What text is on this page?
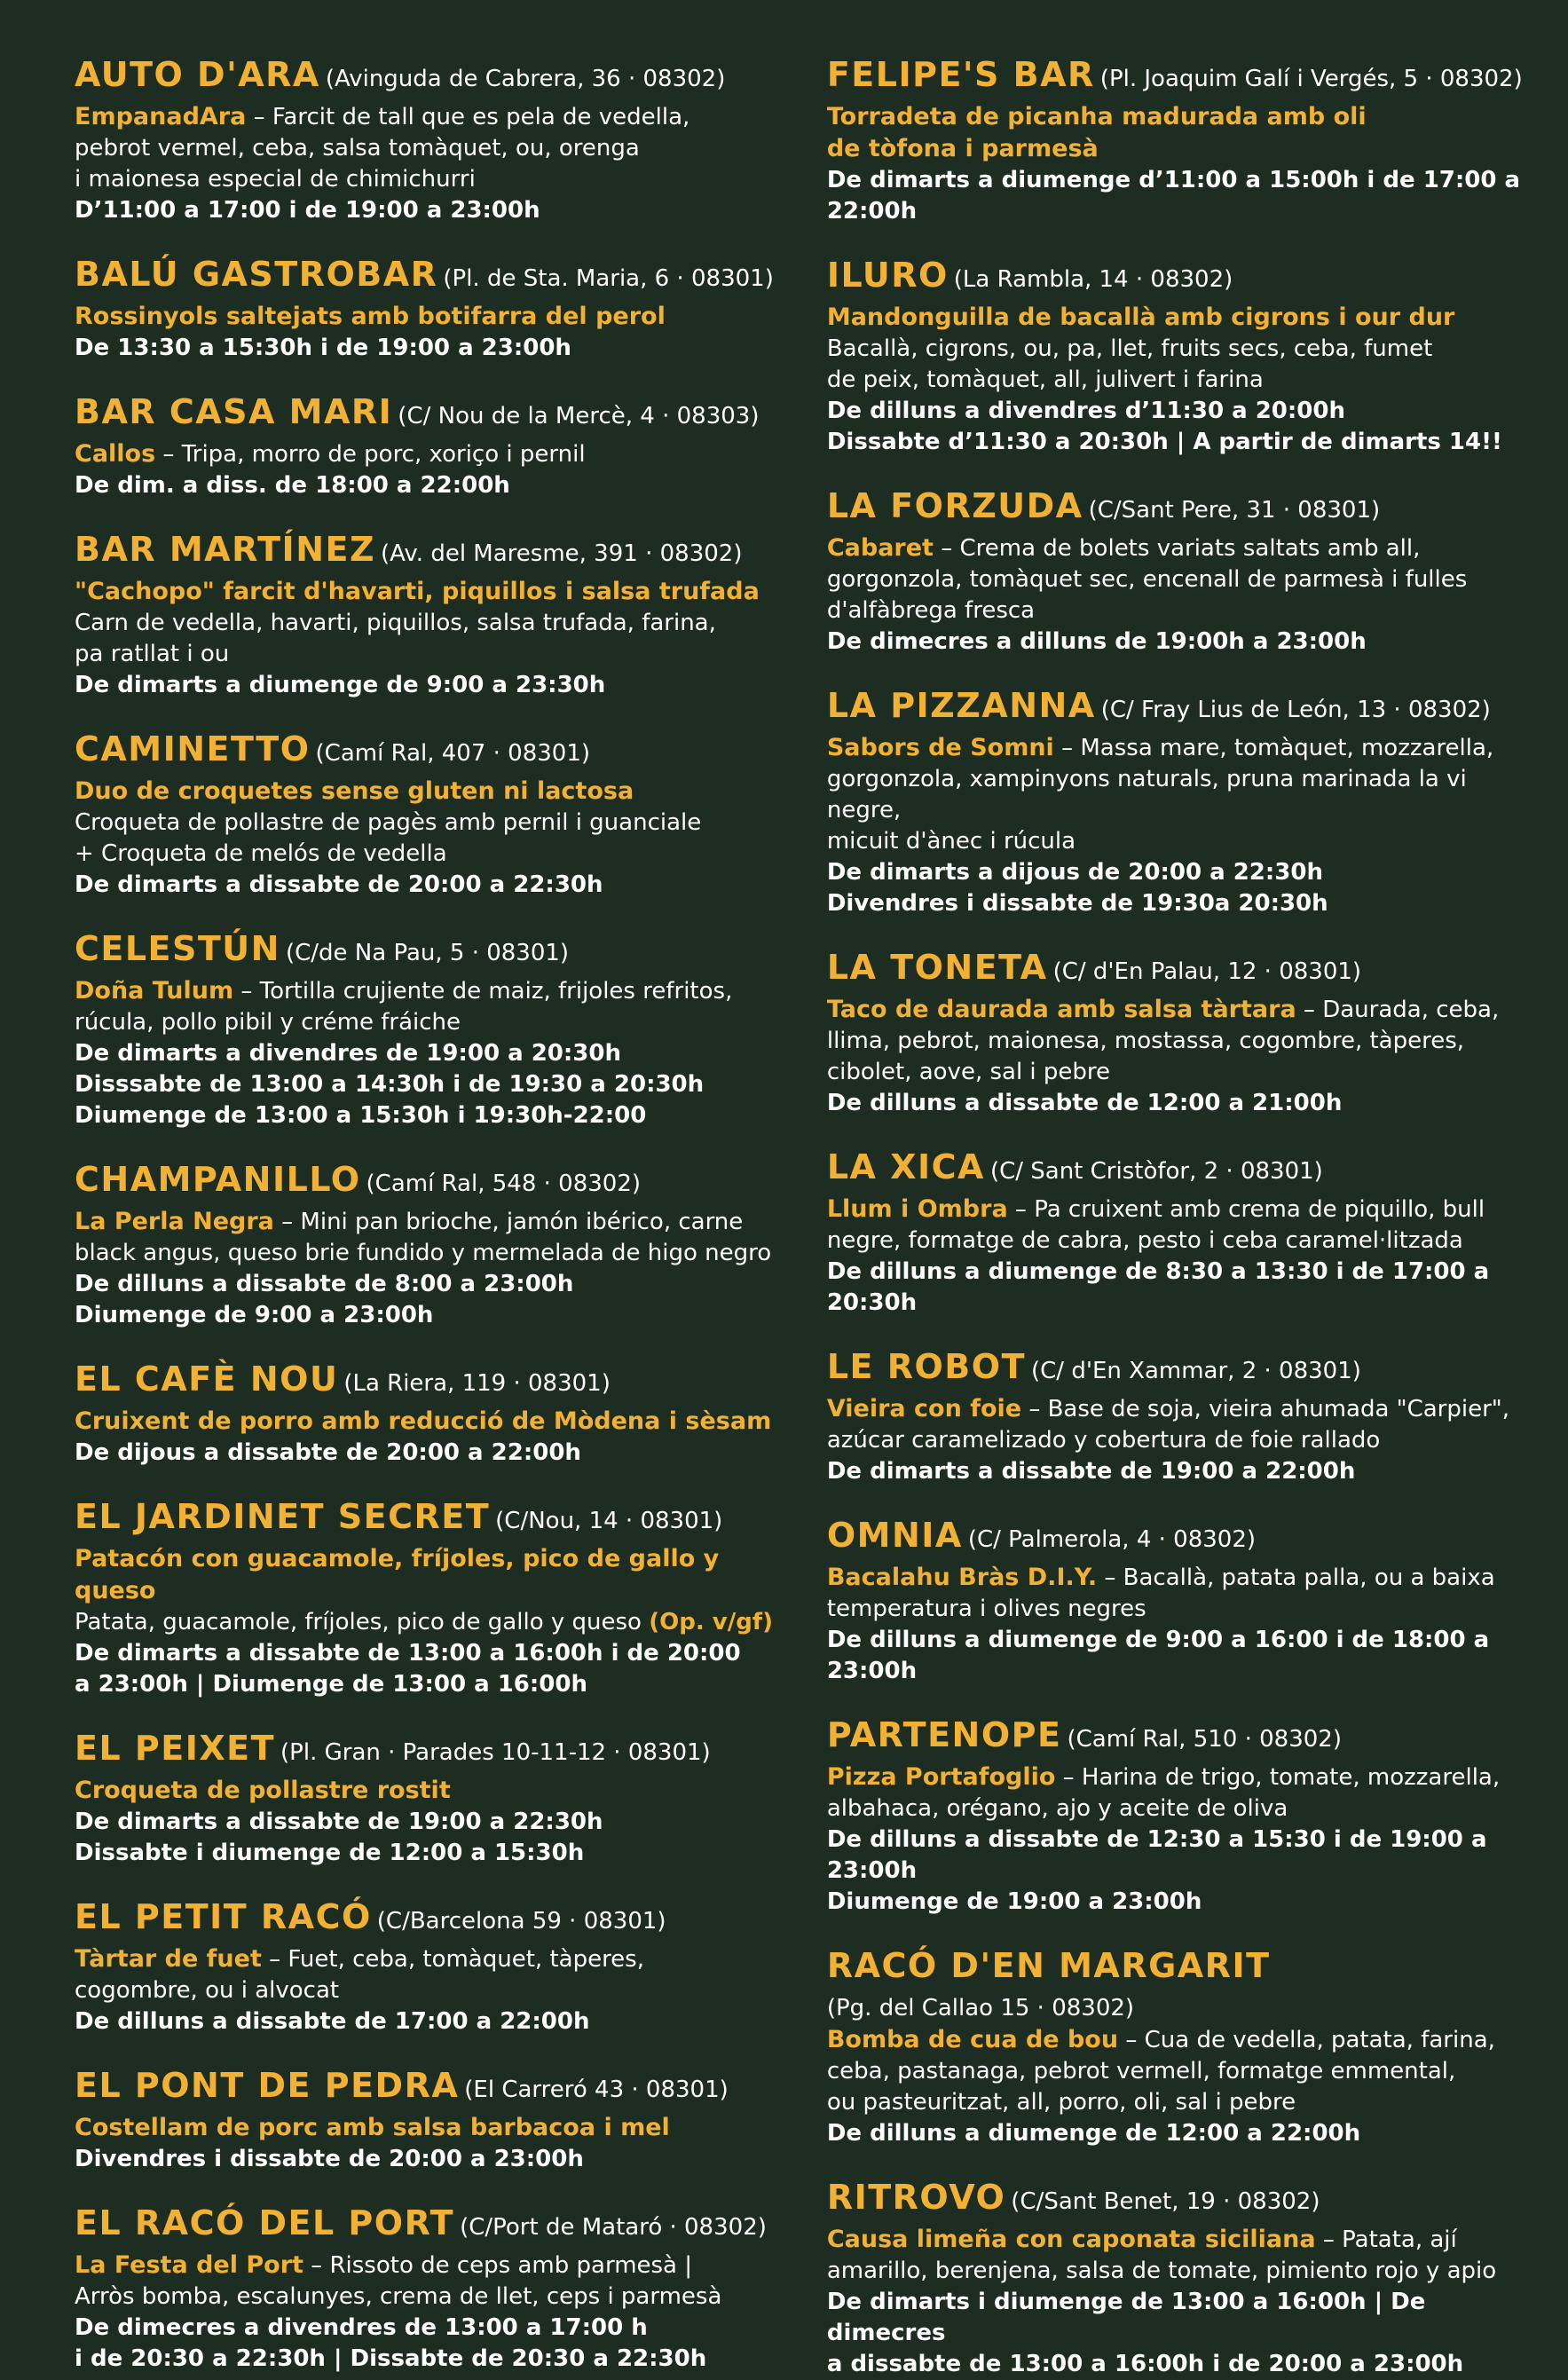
AUTO D'ARA (Avinguda de Cabrera, 36 · 08302)
EmpanadAra – Farcit de tall que es pela de vedella,
pebrot vermel, ceba, salsa tomàquet, ou, orenga
i maionesa especial de chimichurri
D’11:00 a 17:00 i de 19:00 a 23:00h
BALÚ GASTROBAR (Pl. de Sta. Maria, 6 · 08301)
Rossinyols saltejats amb botifarra del perol
De 13:30 a 15:30h i de 19:00 a 23:00h
BAR CASA MARI (C/ Nou de la Mercè, 4 · 08303)
Callos – Tripa, morro de porc, xoriço i pernil
De dim. a diss. de 18:00 a 22:00h
BAR MARTÍNEZ (Av. del Maresme, 391 · 08302)
"Cachopo" farcit d'havarti, piquillos i salsa trufada
Carn de vedella, havarti, piquillos, salsa trufada, farina,
pa ratllat i ou
De dimarts a diumenge de 9:00 a 23:30h
CAMINETTO (Camí Ral, 407 · 08301)
Duo de croquetes sense gluten ni lactosa
Croqueta de pollastre de pagès amb pernil i guanciale
+ Croqueta de melós de vedella
De dimarts a dissabte de 20:00 a 22:30h
CELESTÚN (C/de Na Pau, 5 · 08301)
Doña Tulum – Tortilla crujiente de maiz, frijoles refritos,
rúcula, pollo pibil y créme fráiche
De dimarts a divendres de 19:00 a 20:30h
Disssabte de 13:00 a 14:30h i de 19:30 a 20:30h
Diumenge de 13:00 a 15:30h i 19:30h-22:00
CHAMPANILLO (Camí Ral, 548 · 08302)
La Perla Negra – Mini pan brioche, jamón ibérico, carne
black angus, queso brie fundido y mermelada de higo negro
De dilluns a dissabte de 8:00 a 23:00h
Diumenge de 9:00 a 23:00h
EL CAFÈ NOU (La Riera, 119 · 08301)
Cruixent de porro amb reducció de Mòdena i sèsam
De dijous a dissabte de 20:00 a 22:00h
EL JARDINET SECRET (C/Nou, 14 · 08301)
Patacón con guacamole, fríjoles, pico de gallo y queso
Patata, guacamole, fríjoles, pico de gallo y queso (Op. v/gf)
De dimarts a dissabte de 13:00 a 16:00h i de 20:00
a 23:00h | Diumenge de 13:00 a 16:00h
EL PEIXET (Pl. Gran · Parades 10-11-12 · 08301)
Croqueta de pollastre rostit
De dimarts a dissabte de 19:00 a 22:30h
Dissabte i diumenge de 12:00 a 15:30h
EL PETIT RACÓ (C/Barcelona 59 · 08301)
Tàrtar de fuet – Fuet, ceba, tomàquet, tàperes,
cogombre, ou i alvocat
De dilluns a dissabte de 17:00 a 22:00h
EL PONT DE PEDRA (El Carreró 43 · 08301)
Costellam de porc amb salsa barbacoa i mel
Divendres i dissabte de 20:00 a 23:00h
EL RACÓ DEL PORT (C/Port de Mataró · 08302)
La Festa del Port – Rissoto de ceps amb parmesà |
Arròs bomba, escalunyes, crema de llet, ceps i parmesà
De dimecres a divendres de 13:00 a 17:00 h
i de 20:30 a 22:30h | Dissabte de 20:30 a 22:30h
FELIPE'S BAR (Pl. Joaquim Galí i Vergés, 5 · 08302)
Torradeta de picanha madurada amb oli
de tòfona i parmesà
De dimarts a diumenge d’11:00 a 15:00h i de 17:00 a 22:00h
ILURO (La Rambla, 14 · 08302)
Mandonguilla de bacallà amb cigrons i our dur
Bacallà, cigrons, ou, pa, llet, fruits secs, ceba, fumet
de peix, tomàquet, all, julivert i farina
De dilluns a divendres d’11:30 a 20:00h
Dissabte d’11:30 a 20:30h | A partir de dimarts 14!!
LA FORZUDA (C/Sant Pere, 31 · 08301)
Cabaret – Crema de bolets variats saltats amb all,
gorgonzola, tomàquet sec, encenall de parmesà i fulles
d'alfàbrega fresca
De dimecres a dilluns de 19:00h a 23:00h
LA PIZZANNA (C/ Fray Lius de León, 13 · 08302)
Sabors de Somni – Massa mare, tomàquet, mozzarella,
gorgonzola, xampinyons naturals, pruna marinada la vi negre,
micuit d'ànec i rúcula
De dimarts a dijous de 20:00 a 22:30h
Divendres i dissabte de 19:30a 20:30h
LA TONETA (C/ d'En Palau, 12 · 08301)
Taco de daurada amb salsa tàrtara – Daurada, ceba,
llima, pebrot, maionesa, mostassa, cogombre, tàperes,
cibolet, aove, sal i pebre
De dilluns a dissabte de 12:00 a 21:00h
LA XICA (C/ Sant Cristòfor, 2 · 08301)
Llum i Ombra – Pa cruixent amb crema de piquillo, bull
negre, formatge de cabra, pesto i ceba caramel·litzada
De dilluns a diumenge de 8:30 a 13:30 i de 17:00 a 20:30h
LE ROBOT (C/ d'En Xammar, 2 · 08301)
Vieira con foie – Base de soja, vieira ahumada "Carpier",
azúcar caramelizado y cobertura de foie rallado
De dimarts a dissabte de 19:00 a 22:00h
OMNIA (C/ Palmerola, 4 · 08302)
Bacalahu Bràs D.I.Y. – Bacallà, patata palla, ou a baixa
temperatura i olives negres
De dilluns a diumenge de 9:00 a 16:00 i de 18:00 a 23:00h
PARTENOPE (Camí Ral, 510 · 08302)
Pizza Portafoglio – Harina de trigo, tomate, mozzarella,
albahaca, orégano, ajo y aceite de oliva
De dilluns a dissabte de 12:30 a 15:30 i de 19:00 a 23:00h
Diumenge de 19:00 a 23:00h
RACÓ D'EN MARGARIT
(Pg. del Callao 15 · 08302)
Bomba de cua de bou – Cua de vedella, patata, farina,
ceba, pastanaga, pebrot vermell, formatge emmental,
ou pasteuritzat, all, porro, oli, sal i pebre
De dilluns a diumenge de 12:00 a 22:00h
RITROVO (C/Sant Benet, 19 · 08302)
Causa limeña con caponata siciliana – Patata, ají
amarillo, berenjena, salsa de tomate, pimiento rojo y apio
De dimarts i diumenge de 13:00 a 16:00h | De dimecres
a dissabte de 13:00 a 16:00h i de 20:00 a 23:00h
